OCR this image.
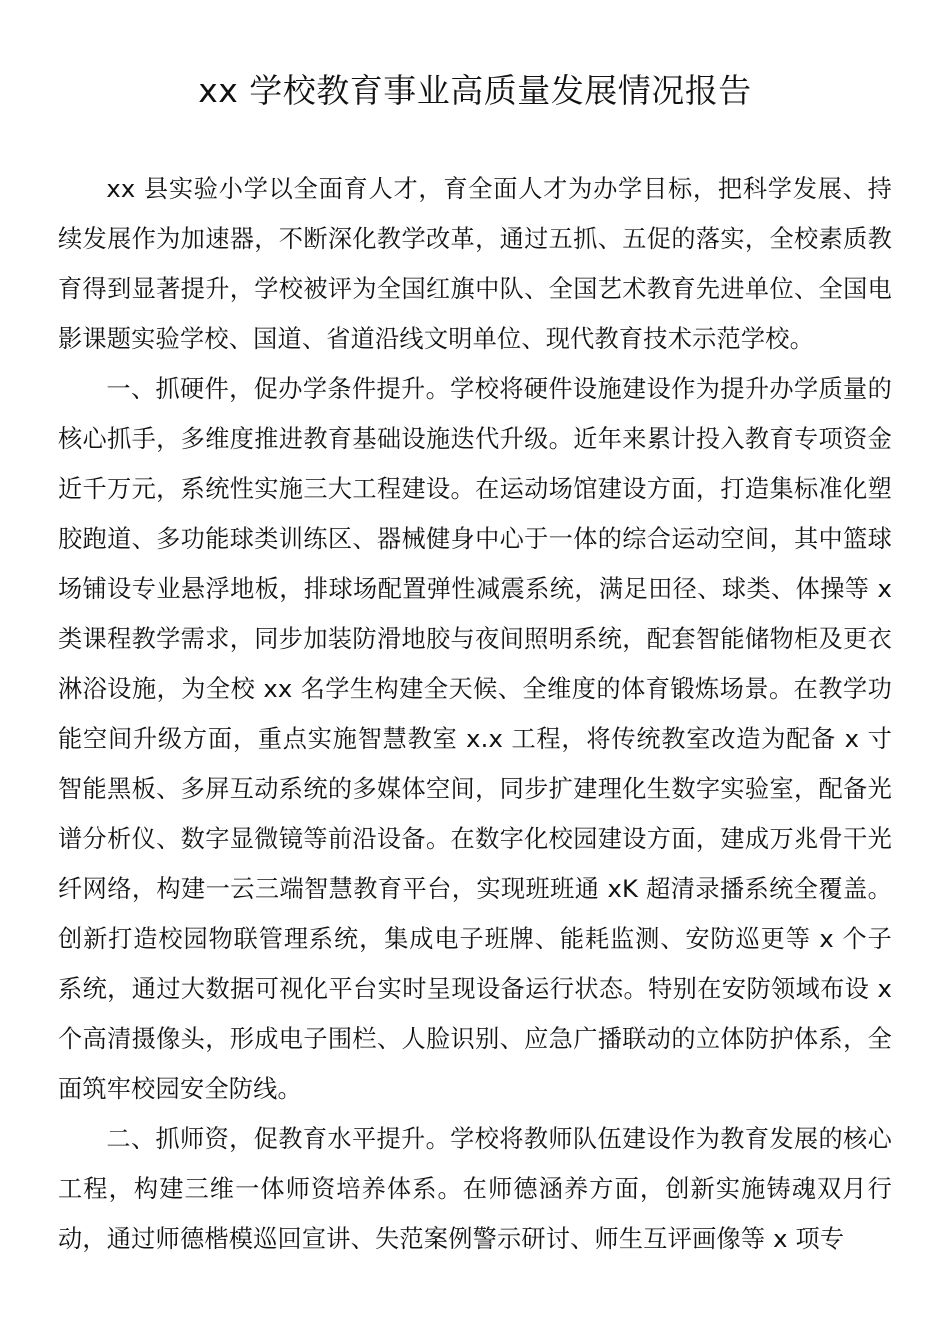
xx 学校教育事业高质量发展情况报告

xx 县实验小学以全面育人才，育全面人才为办学目标，把科学发展、持续发展作为加速器，不断深化教学改革，通过五抓、五促的落实，全校素质教育得到显著提升，学校被评为全国红旗中队、全国艺术教育先进单位、全国电影课题实验学校、国道、省道沿线文明单位、现代教育技术示范学校。

一、抓硬件，促办学条件提升。学校将硬件设施建设作为提升办学质量的核心抓手，多维度推进教育基础设施迭代升级。近年来累计投入教育专项资金近千万元，系统性实施三大工程建设。在运动场馆建设方面，打造集标准化塑胶跑道、多功能球类训练区、器械健身中心于一体的综合运动空间，其中篮球场铺设专业悬浮地板，排球场配置弹性减震系统，满足田径、球类、体操等 x 类课程教学需求，同步加装防滑地胶与夜间照明系统，配套智能储物柜及更衣淋浴设施，为全校 xx 名学生构建全天候、全维度的体育锻炼场景。在教学功能空间升级方面，重点实施智慧教室 x.x 工程，将传统教室改造为配备 x 寸智能黑板、多屏互动系统的多媒体空间，同步扩建理化生数字实验室，配备光谱分析仪、数字显微镜等前沿设备。在数字化校园建设方面，建成万兆骨干光纤网络，构建一云三端智慧教育平台，实现班班通 xK 超清录播系统全覆盖。创新打造校园物联管理系统，集成电子班牌、能耗监测、安防巡更等 x 个子系统，通过大数据可视化平台实时呈现设备运行状态。特别在安防领域布设 x 个高清摄像头，形成电子围栏、人脸识别、应急广播联动的立体防护体系，全面筑牢校园安全防线。

二、抓师资，促教育水平提升。学校将教师队伍建设作为教育发展的核心工程，构建三维一体师资培养体系。在师德涵养方面，创新实施铸魂双月行动，通过师德楷模巡回宣讲、失范案例警示研讨、师生互评画像等 x 项专
